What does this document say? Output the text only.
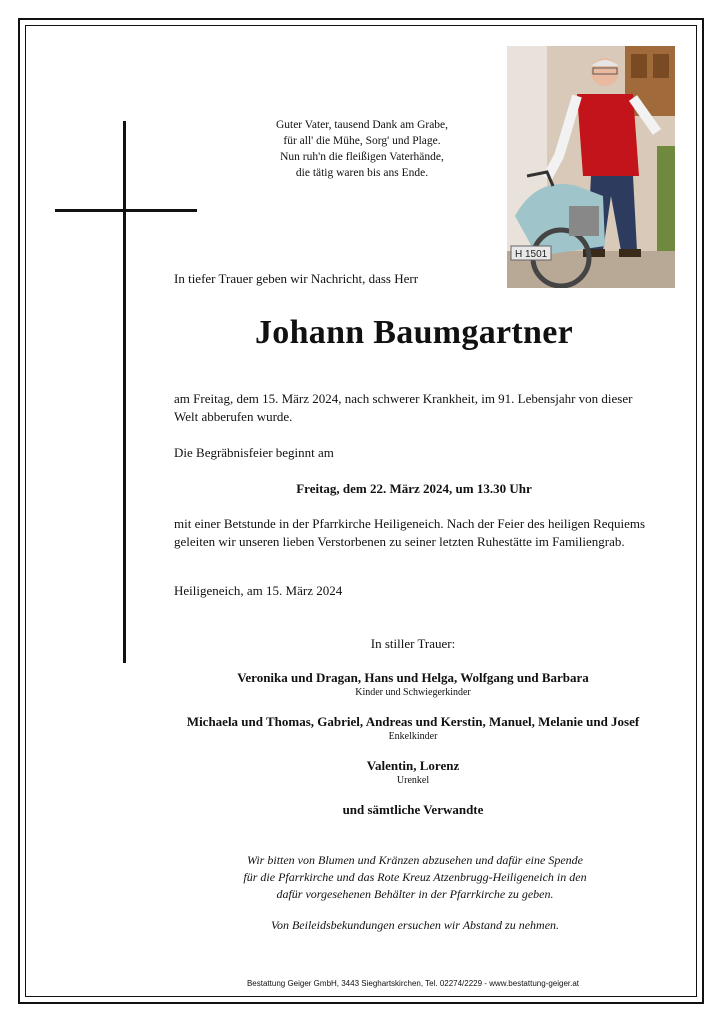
Guter Vater, tausend Dank am Grabe,
für all' die Mühe, Sorg' und Plage.
Nun ruh'n die fleißigen Vaterhände,
die tätig waren bis ans Ende.
H 1501
In tiefer Trauer geben wir Nachricht, dass Herr
Johann Baumgartner
am Freitag, dem 15. März 2024, nach schwerer Krankheit, im 91. Lebensjahr von dieser Welt abberufen wurde.
Die Begräbnisfeier beginnt am
Freitag, dem 22. März 2024, um 13.30 Uhr
mit einer Betstunde in der Pfarrkirche Heiligeneich. Nach der Feier des heiligen Requiems geleiten wir unseren lieben Verstorbenen zu seiner letzten Ruhestätte im Familiengrab.
Heiligeneich, am 15. März 2024
In stiller Trauer:
Veronika und Dragan, Hans und Helga, Wolfgang und Barbara
Kinder und Schwiegerkinder
Michaela und Thomas, Gabriel, Andreas und Kerstin, Manuel, Melanie und Josef
Enkelkinder
Valentin, Lorenz
Urenkel
und sämtliche Verwandte
Wir bitten von Blumen und Kränzen abzusehen und dafür eine Spende
für die Pfarrkirche und das Rote Kreuz Atzenbrugg-Heiligeneich in den
dafür vorgesehenen Behälter in der Pfarrkirche zu geben.
Von Beileidsbekundungen ersuchen wir Abstand zu nehmen.
Bestattung Geiger GmbH, 3443 Sieghartskirchen, Tel. 02274/2229 - www.bestattung-geiger.at
